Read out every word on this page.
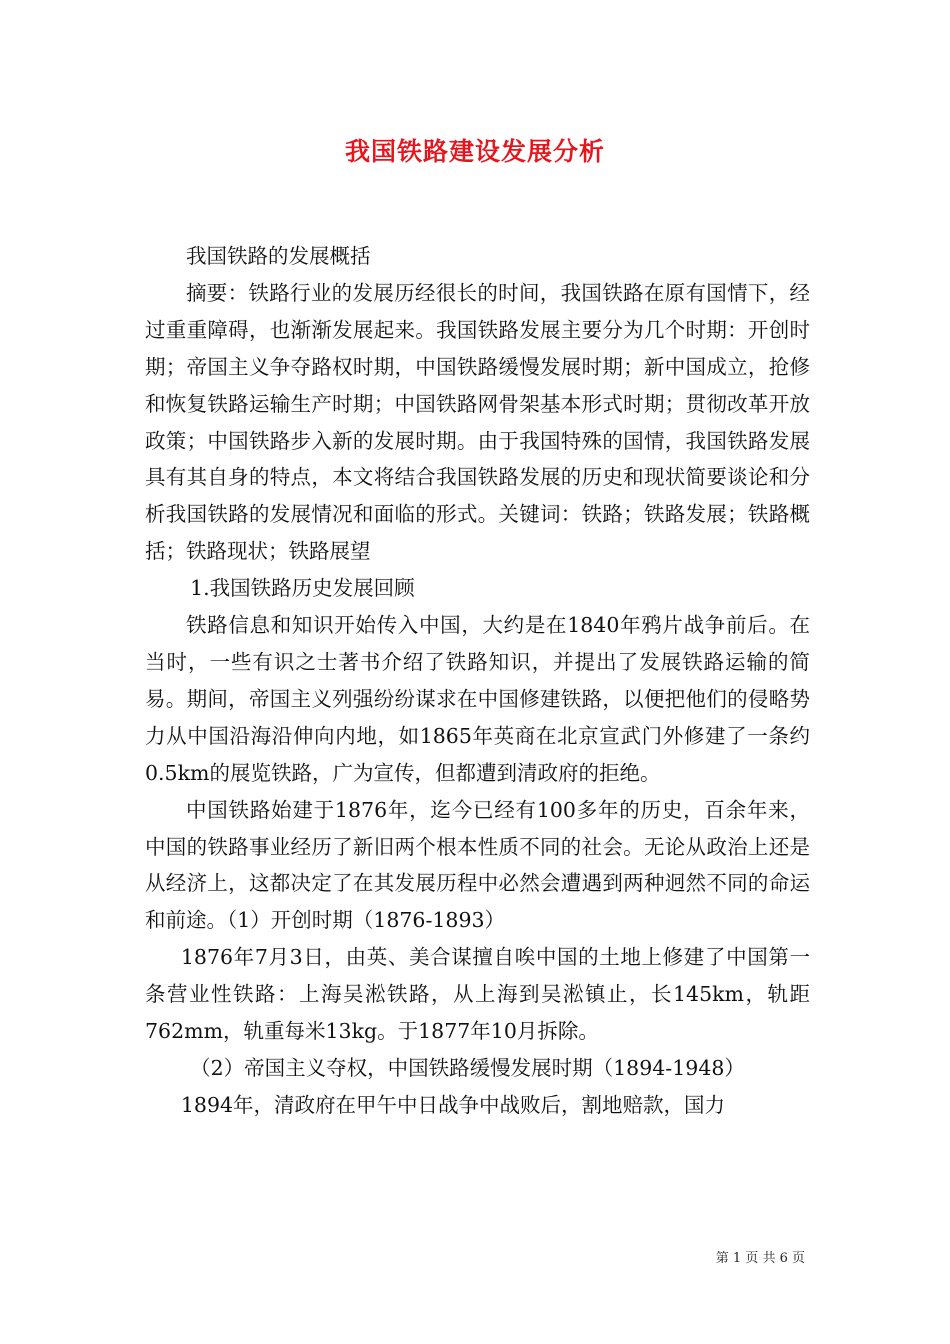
我国铁路建设发展分析

我国铁路的发展概括

摘要：铁路行业的发展历经很长的时间，我国铁路在原有国情下，经过重重障碍，也渐渐发展起来。我国铁路发展主要分为几个时期：开创时期；帝国主义争夺路权时期，中国铁路缓慢发展时期；新中国成立，抢修和恢复铁路运输生产时期；中国铁路网骨架基本形式时期；贯彻改革开放政策；中国铁路步入新的发展时期。由于我国特殊的国情，我国铁路发展具有其自身的特点，本文将结合我国铁路发展的历史和现状简要谈论和分析我国铁路的发展情况和面临的形式。关键词：铁路；铁路发展；铁路概括；铁路现状；铁路展望

1.我国铁路历史发展回顾

铁路信息和知识开始传入中国，大约是在1840年鸦片战争前后。在当时，一些有识之士著书介绍了铁路知识，并提出了发展铁路运输的简易。期间，帝国主义列强纷纷谋求在中国修建铁路，以便把他们的侵略势力从中国沿海沿伸向内地，如1865年英商在北京宣武门外修建了一条约0.5km的展览铁路，广为宣传，但都遭到清政府的拒绝。

中国铁路始建于1876年，迄今已经有100多年的历史，百余年来，中国的铁路事业经历了新旧两个根本性质不同的社会。无论从政治上还是从经济上，这都决定了在其发展历程中必然会遭遇到两种迥然不同的命运和前途。（1）开创时期（1876-1893）

1876年7月3日，由英、美合谋擅自唉中国的土地上修建了中国第一条营业性铁路：上海吴淞铁路，从上海到吴淞镇止，长145km，轨距762mm，轨重每米13kg。于1877年10月拆除。

（2）帝国主义夺权，中国铁路缓慢发展时期（1894-1948）

1894年，清政府在甲午中日战争中战败后，割地赔款，国力

第 1 页 共 6 页
